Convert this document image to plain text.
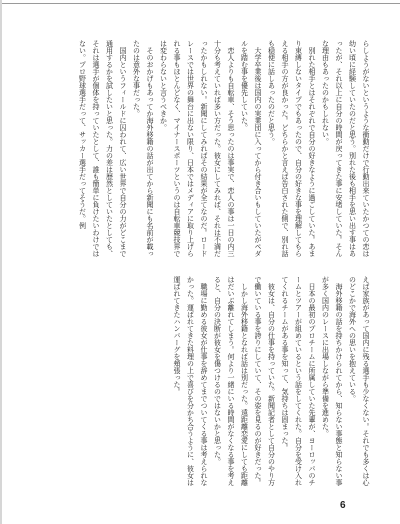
らしようがないというような衝動だけで行動出来ていたかつての恋は幼い頃に経験していたのだと思う。別れた後も相手を思い出す事はあったが、それ以上に自分の時間が戻ってきた事に安堵していた。そんな理由もあったのかもしれない。

別れた相手とはそれぞれで自分の好きなように過ごしていた。あまり束縛しないタイプでもあったので、自分の好きな事を理解してもらえる相手の方が良かった。どちらかと言えば告白された側で、別れ話も穏便に話しあったのだと思う。

大学卒業後は国内の実業団に入ってから付き合いもしていたがペダルを踏む事を優先していた。

恋人よりも自転車、そう思ったのは事実で、恋人の事は一日の内三十分も考えていれば多い方だった。彼女にしてみれば、それは不満だったかもしれない。新聞にしてみればその結果が全てなのだ。ロードレースでは世界の舞台に出ない限り、日本ではメディアに取り上げられる事もほとんどなく、マイナースポーツというのは自転車競技界では変わらないと言うべきか。

そのおかげもあってか海外移籍の話が出てから新聞にも名前が載ったのは意外な事だった。

国内というフィールドに囚われて、広い世界で自分の力がどこまで通用するかを試したいと思った。力の差は歴然としていたとしても、それは選手が個体を持っていたとして、誰も簡単に負けたいわけではない。プロ野球選手だって、サッカー選手だってそうだ。例

えば家族があって国内に残る選手も少なくない。それでも多くは心のどこかで海外への思いを抱えている。

海外移籍の話を持ちかけられてから、知らない事態と知らない事が多く国内のレースに出場しながら準備を進めた。

日本の最初のプロチームに所属していた先輩が、ヨーロッパのチームとツアーが組めているという話をしてくれた。自分を受け入れてくれるチームがある事を知って、気持ちは固まった。

彼女は、自分の仕事を持っていた。新聞記者として自分のやり方で働いている事を誇りにしていて、その姿を見るのが好きだった。

しかし海外移籍となれば話は別だった。遠距離恋愛にしても距離はだいぶ離れてしまう。何より一緒にいる時間がなくなる事を考えると、自分の決断が彼女を傷つけるのではないかと思った。

職場に勤める彼女が仕事を辞めてまでついてくる事は考えられなかった。運ばれてきた料理の上で喜びを分かち合うように、彼女は運ばれてきたハンバーグを頬張った。

6
